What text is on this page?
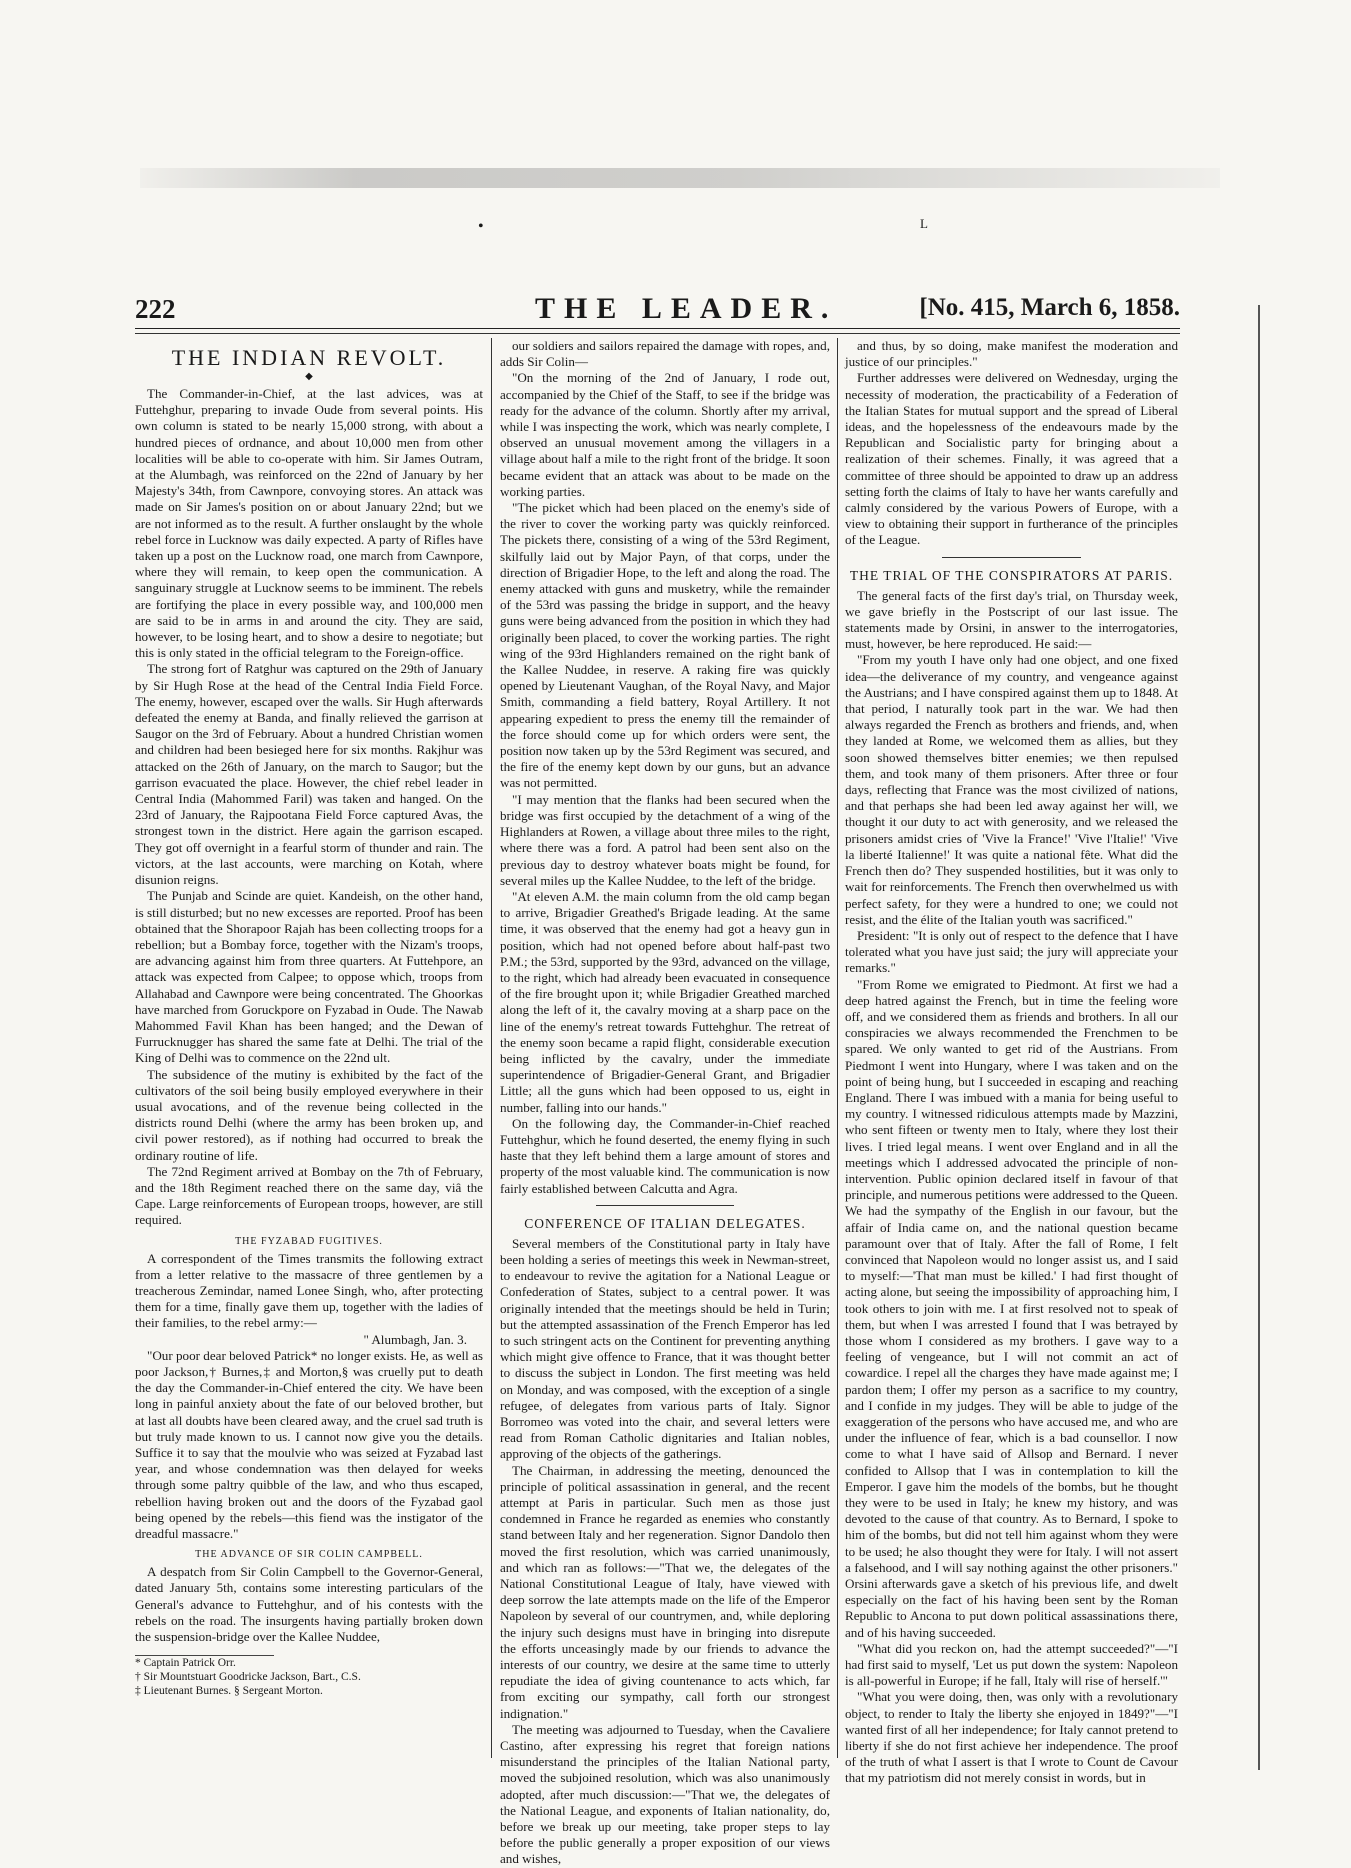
•	L
222	THE LEADER.	[No. 415, March 6, 1858.
THE INDIAN REVOLT.
◆

The Commander-in-Chief, at the last advices, was at Futtehghur, preparing to invade Oude from several points. His own column is stated to be nearly 15,000 strong, with about a hundred pieces of ordnance, and about 10,000 men from other localities will be able to co-operate with him. Sir James Outram, at the Alumbagh, was reinforced on the 22nd of January by her Majesty's 34th, from Cawnpore, convoying stores. An attack was made on Sir James's position on or about January 22nd; but we are not informed as to the result. A further onslaught by the whole rebel force in Lucknow was daily expected. A party of Rifles have taken up a post on the Lucknow road, one march from Cawnpore, where they will remain, to keep open the communication. A sanguinary struggle at Lucknow seems to be imminent. The rebels are fortifying the place in every possible way, and 100,000 men are said to be in arms in and around the city. They are said, however, to be losing heart, and to show a desire to negotiate; but this is only stated in the official telegram to the Foreign-office.

The strong fort of Ratghur was captured on the 29th of January by Sir Hugh Rose at the head of the Central India Field Force. The enemy, however, escaped over the walls. Sir Hugh afterwards defeated the enemy at Banda, and finally relieved the garrison at Saugor on the 3rd of February. About a hundred Christian women and children had been besieged here for six months. Rakjhur was attacked on the 26th of January, on the march to Saugor; but the garrison evacuated the place. However, the chief rebel leader in Central India (Mahommed Faril) was taken and hanged. On the 23rd of January, the Rajpootana Field Force captured Avas, the strongest town in the district. Here again the garrison escaped. They got off overnight in a fearful storm of thunder and rain. The victors, at the last accounts, were marching on Kotah, where disunion reigns.

The Punjab and Scinde are quiet. Kandeish, on the other hand, is still disturbed; but no new excesses are reported. Proof has been obtained that the Shorapoor Rajah has been collecting troops for a rebellion; but a Bombay force, together with the Nizam's troops, are advancing against him from three quarters. At Futtehpore, an attack was expected from Calpee; to oppose which, troops from Allahabad and Cawnpore were being concentrated. The Ghoorkas have marched from Goruckpore on Fyzabad in Oude. The Nawab Mahommed Favil Khan has been hanged; and the Dewan of Furrucknugger has shared the same fate at Delhi. The trial of the King of Delhi was to commence on the 22nd ult.

The subsidence of the mutiny is exhibited by the fact of the cultivators of the soil being busily employed everywhere in their usual avocations, and of the revenue being collected in the districts round Delhi (where the army has been broken up, and civil power restored), as if nothing had occurred to break the ordinary routine of life.

The 72nd Regiment arrived at Bombay on the 7th of February, and the 18th Regiment reached there on the same day, viâ the Cape. Large reinforcements of European troops, however, are still required.

THE FYZABAD FUGITIVES.

A correspondent of the Times transmits the following extract from a letter relative to the massacre of three gentlemen by a treacherous Zemindar, named Lonee Singh, who, after protecting them for a time, finally gave them up, together with the ladies of their families, to the rebel army:—

" Alumbagh, Jan. 3.

"Our poor dear beloved Patrick* no longer exists. He, as well as poor Jackson,† Burnes,‡ and Morton,§ was cruelly put to death the day the Commander-in-Chief entered the city. We have been long in painful anxiety about the fate of our beloved brother, but at last all doubts have been cleared away, and the cruel sad truth is but truly made known to us. I cannot now give you the details. Suffice it to say that the moulvie who was seized at Fyzabad last year, and whose condemnation was then delayed for weeks through some paltry quibble of the law, and who thus escaped, rebellion having broken out and the doors of the Fyzabad gaol being opened by the rebels—this fiend was the instigator of the dreadful massacre."

THE ADVANCE OF SIR COLIN CAMPBELL.

A despatch from Sir Colin Campbell to the Governor-General, dated January 5th, contains some interesting particulars of the General's advance to Futtehghur, and of his contests with the rebels on the road. The insurgents having partially broken down the suspension-bridge over the Kallee Nuddee,

* Captain Patrick Orr.

† Sir Mountstuart Goodricke Jackson, Bart., C.S.

‡ Lieutenant Burnes. § Sergeant Morton.

our soldiers and sailors repaired the damage with ropes, and, adds Sir Colin—

"On the morning of the 2nd of January, I rode out, accompanied by the Chief of the Staff, to see if the bridge was ready for the advance of the column. Shortly after my arrival, while I was inspecting the work, which was nearly complete, I observed an unusual movement among the villagers in a village about half a mile to the right front of the bridge. It soon became evident that an attack was about to be made on the working parties.

"The picket which had been placed on the enemy's side of the river to cover the working party was quickly reinforced. The pickets there, consisting of a wing of the 53rd Regiment, skilfully laid out by Major Payn, of that corps, under the direction of Brigadier Hope, to the left and along the road. The enemy attacked with guns and musketry, while the remainder of the 53rd was passing the bridge in support, and the heavy guns were being advanced from the position in which they had originally been placed, to cover the working parties. The right wing of the 93rd Highlanders remained on the right bank of the Kallee Nuddee, in reserve. A raking fire was quickly opened by Lieutenant Vaughan, of the Royal Navy, and Major Smith, commanding a field battery, Royal Artillery. It not appearing expedient to press the enemy till the remainder of the force should come up for which orders were sent, the position now taken up by the 53rd Regiment was secured, and the fire of the enemy kept down by our guns, but an advance was not permitted.

"I may mention that the flanks had been secured when the bridge was first occupied by the detachment of a wing of the Highlanders at Rowen, a village about three miles to the right, where there was a ford. A patrol had been sent also on the previous day to destroy whatever boats might be found, for several miles up the Kallee Nuddee, to the left of the bridge.

"At eleven A.M. the main column from the old camp began to arrive, Brigadier Greathed's Brigade leading. At the same time, it was observed that the enemy had got a heavy gun in position, which had not opened before about half-past two P.M.; the 53rd, supported by the 93rd, advanced on the village, to the right, which had already been evacuated in consequence of the fire brought upon it; while Brigadier Greathed marched along the left of it, the cavalry moving at a sharp pace on the line of the enemy's retreat towards Futtehghur. The retreat of the enemy soon became a rapid flight, considerable execution being inflicted by the cavalry, under the immediate superintendence of Brigadier-General Grant, and Brigadier Little; all the guns which had been opposed to us, eight in number, falling into our hands."

On the following day, the Commander-in-Chief reached Futtehghur, which he found deserted, the enemy flying in such haste that they left behind them a large amount of stores and property of the most valuable kind. The communication is now fairly established between Calcutta and Agra.

CONFERENCE OF ITALIAN DELEGATES.

Several members of the Constitutional party in Italy have been holding a series of meetings this week in Newman-street, to endeavour to revive the agitation for a National League or Confederation of States, subject to a central power. It was originally intended that the meetings should be held in Turin; but the attempted assassination of the French Emperor has led to such stringent acts on the Continent for preventing anything which might give offence to France, that it was thought better to discuss the subject in London. The first meeting was held on Monday, and was composed, with the exception of a single refugee, of delegates from various parts of Italy. Signor Borromeo was voted into the chair, and several letters were read from Roman Catholic dignitaries and Italian nobles, approving of the objects of the gatherings.

The Chairman, in addressing the meeting, denounced the principle of political assassination in general, and the recent attempt at Paris in particular. Such men as those just condemned in France he regarded as enemies who constantly stand between Italy and her regeneration. Signor Dandolo then moved the first resolution, which was carried unanimously, and which ran as follows:—"That we, the delegates of the National Constitutional League of Italy, have viewed with deep sorrow the late attempts made on the life of the Emperor Napoleon by several of our countrymen, and, while deploring the injury such designs must have in bringing into disrepute the efforts unceasingly made by our friends to advance the interests of our country, we desire at the same time to utterly repudiate the idea of giving countenance to acts which, far from exciting our sympathy, call forth our strongest indignation."

The meeting was adjourned to Tuesday, when the Cavaliere Castino, after expressing his regret that foreign nations misunderstand the principles of the Italian National party, moved the subjoined resolution, which was also unanimously adopted, after much discussion:—"That we, the delegates of the National League, and exponents of Italian nationality, do, before we break up our meeting, take proper steps to lay before the public generally a proper exposition of our views and wishes,

and thus, by so doing, make manifest the moderation and justice of our principles."

Further addresses were delivered on Wednesday, urging the necessity of moderation, the practicability of a Federation of the Italian States for mutual support and the spread of Liberal ideas, and the hopelessness of the endeavours made by the Republican and Socialistic party for bringing about a realization of their schemes. Finally, it was agreed that a committee of three should be appointed to draw up an address setting forth the claims of Italy to have her wants carefully and calmly considered by the various Powers of Europe, with a view to obtaining their support in furtherance of the principles of the League.

THE TRIAL OF THE CONSPIRATORS AT PARIS.

The general facts of the first day's trial, on Thursday week, we gave briefly in the Postscript of our last issue. The statements made by Orsini, in answer to the interrogatories, must, however, be here reproduced. He said:—

"From my youth I have only had one object, and one fixed idea—the deliverance of my country, and vengeance against the Austrians; and I have conspired against them up to 1848. At that period, I naturally took part in the war. We had then always regarded the French as brothers and friends, and, when they landed at Rome, we welcomed them as allies, but they soon showed themselves bitter enemies; we then repulsed them, and took many of them prisoners. After three or four days, reflecting that France was the most civilized of nations, and that perhaps she had been led away against her will, we thought it our duty to act with generosity, and we released the prisoners amidst cries of 'Vive la France!' 'Vive l'Italie!' 'Vive la liberté Italienne!' It was quite a national fête. What did the French then do? They suspended hostilities, but it was only to wait for reinforcements. The French then overwhelmed us with perfect safety, for they were a hundred to one; we could not resist, and the élite of the Italian youth was sacrificed."

President: "It is only out of respect to the defence that I have tolerated what you have just said; the jury will appreciate your remarks."

"From Rome we emigrated to Piedmont. At first we had a deep hatred against the French, but in time the feeling wore off, and we considered them as friends and brothers. In all our conspiracies we always recommended the Frenchmen to be spared. We only wanted to get rid of the Austrians. From Piedmont I went into Hungary, where I was taken and on the point of being hung, but I succeeded in escaping and reaching England. There I was imbued with a mania for being useful to my country. I witnessed ridiculous attempts made by Mazzini, who sent fifteen or twenty men to Italy, where they lost their lives. I tried legal means. I went over England and in all the meetings which I addressed advocated the principle of non-intervention. Public opinion declared itself in favour of that principle, and numerous petitions were addressed to the Queen. We had the sympathy of the English in our favour, but the affair of India came on, and the national question became paramount over that of Italy. After the fall of Rome, I felt convinced that Napoleon would no longer assist us, and I said to myself:—'That man must be killed.' I had first thought of acting alone, but seeing the impossibility of approaching him, I took others to join with me. I at first resolved not to speak of them, but when I was arrested I found that I was betrayed by those whom I considered as my brothers. I gave way to a feeling of vengeance, but I will not commit an act of cowardice. I repel all the charges they have made against me; I pardon them; I offer my person as a sacrifice to my country, and I confide in my judges. They will be able to judge of the exaggeration of the persons who have accused me, and who are under the influence of fear, which is a bad counsellor. I now come to what I have said of Allsop and Bernard. I never confided to Allsop that I was in contemplation to kill the Emperor. I gave him the models of the bombs, but he thought they were to be used in Italy; he knew my history, and was devoted to the cause of that country. As to Bernard, I spoke to him of the bombs, but did not tell him against whom they were to be used; he also thought they were for Italy. I will not assert a falsehood, and I will say nothing against the other prisoners." Orsini afterwards gave a sketch of his previous life, and dwelt especially on the fact of his having been sent by the Roman Republic to Ancona to put down political assassinations there, and of his having succeeded.

"What did you reckon on, had the attempt succeeded?"—"I had first said to myself, 'Let us put down the system: Napoleon is all-powerful in Europe; if he fall, Italy will rise of herself.'"

"What you were doing, then, was only with a revolutionary object, to render to Italy the liberty she enjoyed in 1849?"—"I wanted first of all her independence; for Italy cannot pretend to liberty if she do not first achieve her independence. The proof of the truth of what I assert is that I wrote to Count de Cavour that my patriotism did not merely consist in words, but in
